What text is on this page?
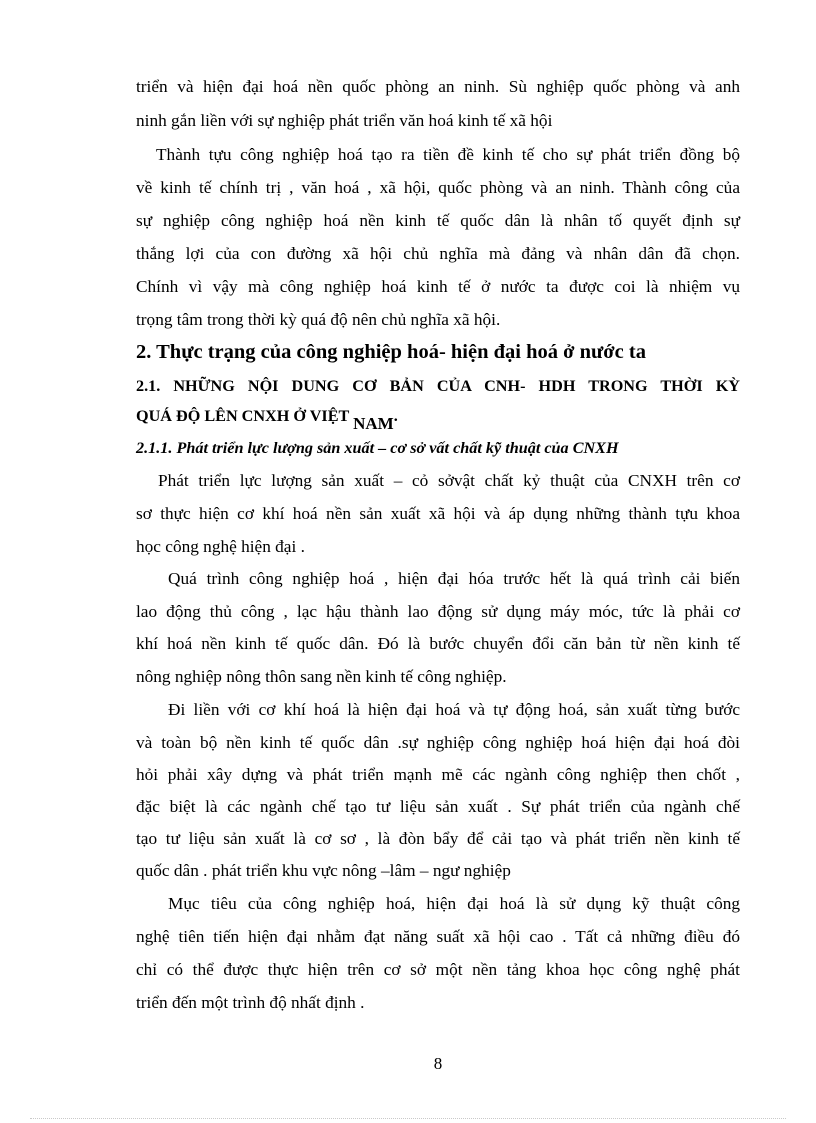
triển và hiện đại hoá nền quốc phòng an ninh. Sù nghiệp quốc phòng và anh
ninh gắn liền với sự nghiệp phát triển văn hoá kinh tế xã hội
Thành tựu công nghiệp hoá tạo ra tiền đề kinh tế cho sự phát triển đồng bộ
về kinh tế chính trị , văn hoá , xã hội, quốc phòng và an ninh. Thành công của
sự nghiệp công nghiệp hoá nền kinh tế quốc dân là nhân tố quyết định sự
thắng lợi của con đường xã hội chủ nghĩa mà đảng và nhân dân đã chọn.
Chính vì vậy mà công nghiệp hoá kinh tế ở nước ta được coi là nhiệm vụ
trọng tâm trong thời kỳ quá độ nên chủ nghĩa xã hội.
2. Thực trạng của công nghiệp hoá- hiện đại hoá ở nước ta
2.1. NHỮNG NỘI DUNG CƠ BẢN CỦA CNH- HDH TRONG THỜI KỲ
QUÁ ĐỘ LÊN CNXH Ở VIỆT NAM.
2.1.1. Phát triển lực lượng sản xuất – cơ sở vất chất kỹ thuật của CNXH
Phát triển lực lượng sản xuất – cỏ sởvật chất kỷ thuật của CNXH trên cơ
sơ thực hiện cơ khí hoá nền sản xuất xã hội và áp dụng những thành tựu khoa
học công nghệ hiện đại .
Quá trình công nghiệp hoá , hiện đại hóa trước hết là quá trình cải biến
lao động thủ công , lạc hậu thành lao động sử dụng máy móc, tức là phải cơ
khí hoá nền kinh tế quốc dân. Đó là bước chuyển đổi căn bản từ nền kinh tế
nông nghiệp nông thôn sang nền kinh tế công nghiệp.
Đi liền với cơ khí hoá là hiện đại hoá và tự động hoá, sản xuất từng bước
và toàn bộ nền kinh tế quốc dân .sự nghiệp công nghiệp hoá hiện đại hoá đòi
hỏi phải xây dựng và phát triển mạnh mẽ các ngành công nghiệp then chốt ,
đặc biệt là các ngành chế tạo tư liệu sản xuất . Sự phát triển của ngành chế
tạo tư liệu sản xuất là cơ sơ , là đòn bẩy để cải tạo và phát triển nền kinh tế
quốc dân . phát triển khu vực nông –lâm – ngư nghiệp
Mục tiêu của công nghiệp hoá, hiện đại hoá là sử dụng kỹ thuật công
nghệ tiên tiến hiện đại nhằm đạt năng suất xã hội cao . Tất cả những điều đó
chỉ có thể được thực hiện trên cơ sở một nền tảng khoa học công nghệ phát
triển đến một trình độ nhất định .
8
